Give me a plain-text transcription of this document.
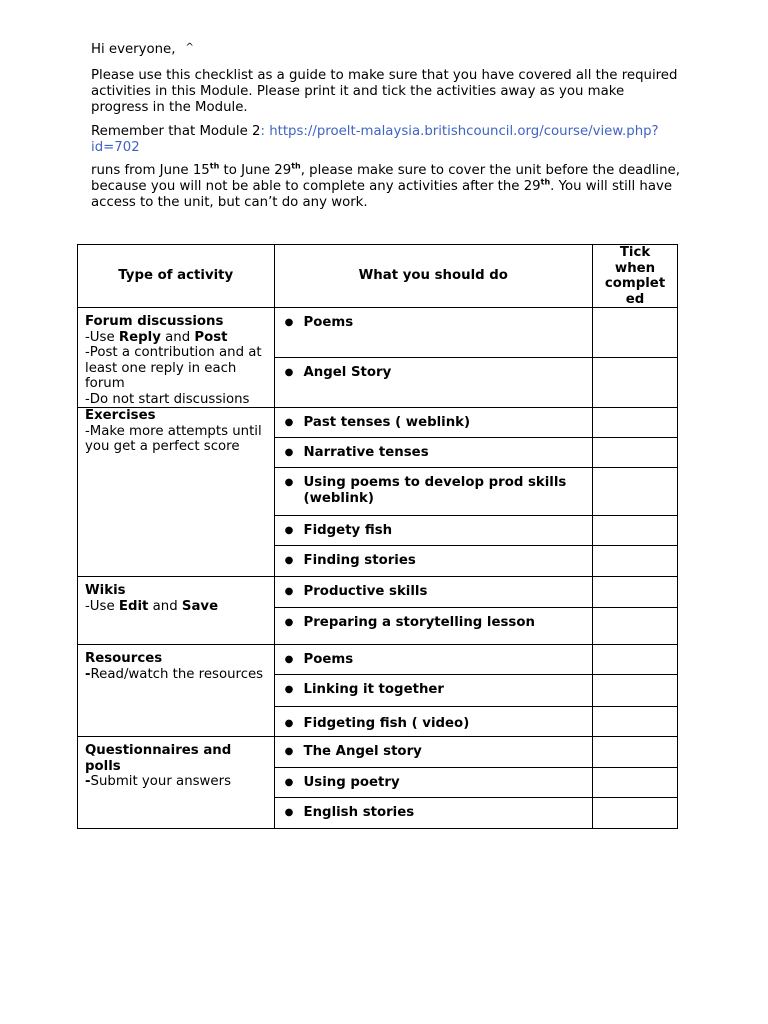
Hi everyone, ^

Please use this checklist as a guide to make sure that you have covered all the required activities in this Module. Please print it and tick the activities away as you make progress in the Module.

Remember that Module 2: https://proelt-malaysia.britishcouncil.org/course/view.php?id=702

runs from June 15th to June 29th, please make sure to cover the unit before the deadline, because you will not be able to complete any activities after the 29th. You will still have access to the unit, but can’t do any work.

Type of activity	What you should do	Tick when complet ed

Forum discussions
-Use Reply and Post
-Post a contribution and at least one reply in each forum
-Do not start discussions	● Poems	

	● Angel Story	

Exercises
-Make more attempts until you get a perfect score	● Past tenses ( weblink)	

	● Narrative tenses	

	● Using poems to develop prod skills (weblink)	

	● Fidgety fish	

	● Finding stories	

Wikis
-Use Edit and Save	● Productive skills	

	● Preparing a storytelling lesson	

Resources
-Read/watch the resources	● Poems	

	● Linking it together	

	● Fidgeting fish ( video)	

Questionnaires and polls
-Submit your answers	● The Angel story	

	● Using poetry	

	● English stories	
